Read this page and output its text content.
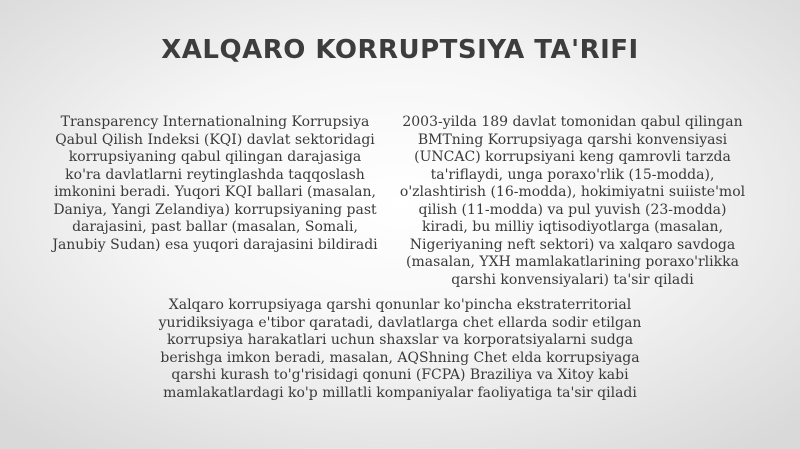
XALQARO KORRUPTSIYA TA'RIFI

Transparency Internationalning Korrupsiya Qabul Qilish Indeksi (KQI) davlat sektoridagi korrupsiyaning qabul qilingan darajasiga ko'ra davlatlarni reytinglashda taqqoslash imkonini beradi. Yuqori KQI ballari (masalan, Daniya, Yangi Zelandiya) korrupsiyaning past darajasini, past ballar (masalan, Somali, Janubiy Sudan) esa yuqori darajasini bildiradi

2003-yilda 189 davlat tomonidan qabul qilingan BMTning Korrupsiyaga qarshi konvensiyasi (UNCAC) korrupsiyani keng qamrovli tarzda ta'riflaydi, unga poraxo'rlik (15-modda), o'zlashtirish (16-modda), hokimiyatni suiiste'mol qilish (11-modda) va pul yuvish (23-modda) kiradi, bu milliy iqtisodiyotlarga (masalan, Nigeriyaning neft sektori) va xalqaro savdoga (masalan, YXH mamlakatlarining poraxo'rlikka qarshi konvensiyalari) ta'sir qiladi

Xalqaro korrupsiyaga qarshi qonunlar ko'pincha ekstraterritorial yuridiksiyaga e'tibor qaratadi, davlatlarga chet ellarda sodir etilgan korrupsiya harakatlari uchun shaxslar va korporatsiyalarni sudga berishga imkon beradi, masalan, AQShning Chet elda korrupsiyaga qarshi kurash to'g'risidagi qonuni (FCPA) Braziliya va Xitoy kabi mamlakatlardagi ko'p millatli kompaniyalar faoliyatiga ta'sir qiladi
